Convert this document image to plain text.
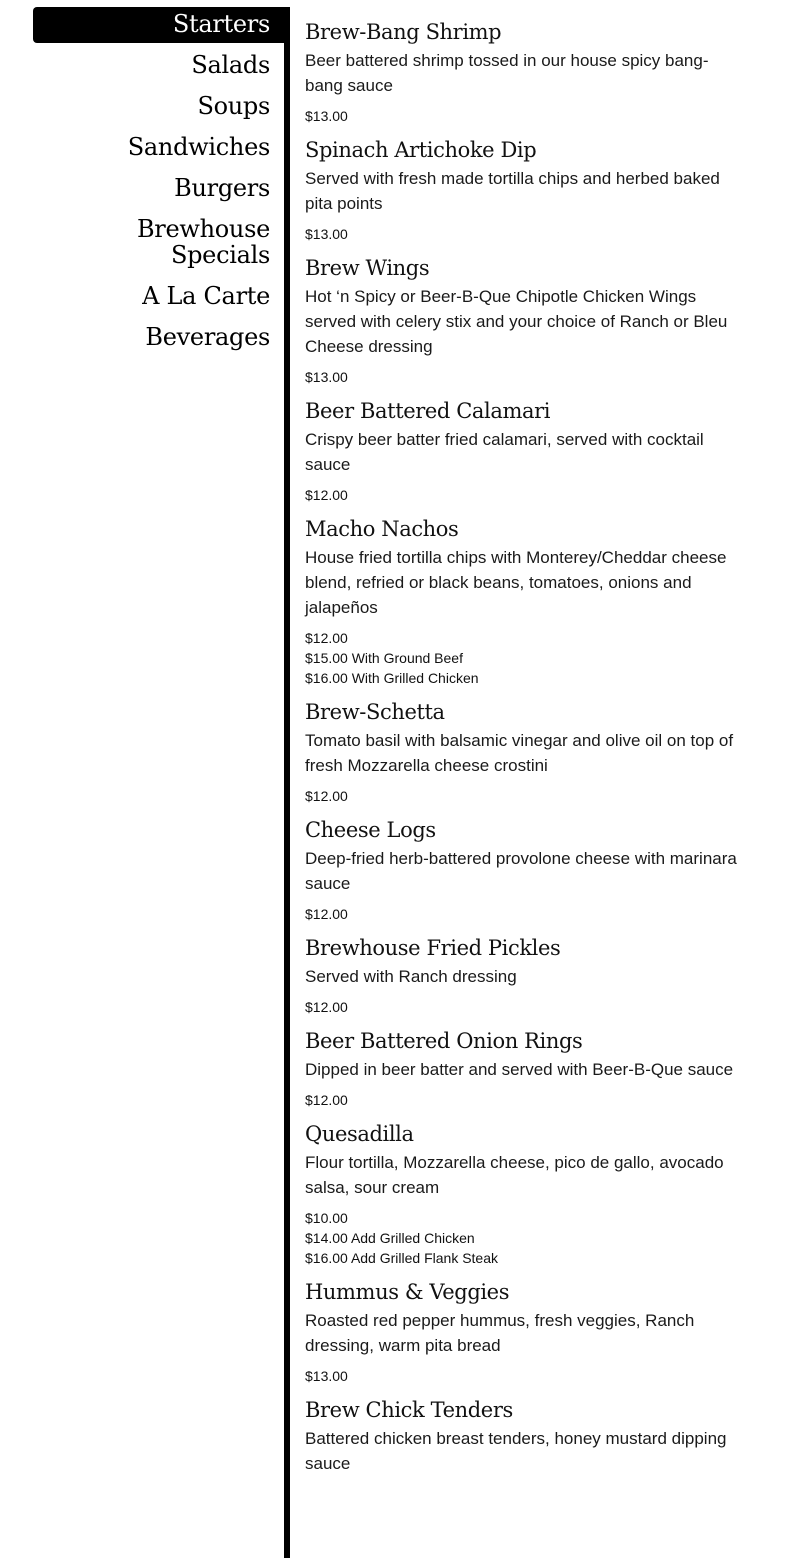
Starters
Salads
Soups
Sandwiches
Burgers
Brewhouse
Specials
A La Carte
Beverages
Brew-Bang Shrimp
Beer battered shrimp tossed in our house spicy bang-bang sauce
$13.00
Spinach Artichoke Dip
Served with fresh made tortilla chips and herbed baked pita points
$13.00
Brew Wings
Hot ‘n Spicy or Beer-B-Que Chipotle Chicken Wings served with celery stix and your choice of Ranch or Bleu Cheese dressing
$13.00
Beer Battered Calamari
Crispy beer batter fried calamari, served with cocktail sauce
$12.00
Macho Nachos
House fried tortilla chips with Monterey/Cheddar cheese blend, refried or black beans, tomatoes, onions and jalapeños
$12.00
$15.00 With Ground Beef
$16.00 With Grilled Chicken
Brew-Schetta
Tomato basil with balsamic vinegar and olive oil on top of fresh Mozzarella cheese crostini
$12.00
Cheese Logs
Deep-fried herb-battered provolone cheese with marinara sauce
$12.00
Brewhouse Fried Pickles
Served with Ranch dressing
$12.00
Beer Battered Onion Rings
Dipped in beer batter and served with Beer-B-Que sauce
$12.00
Quesadilla
Flour tortilla, Mozzarella cheese, pico de gallo, avocado salsa, sour cream
$10.00
$14.00 Add Grilled Chicken
$16.00 Add Grilled Flank Steak
Hummus & Veggies
Roasted red pepper hummus, fresh veggies, Ranch dressing, warm pita bread
$13.00
Brew Chick Tenders
Battered chicken breast tenders, honey mustard dipping sauce
